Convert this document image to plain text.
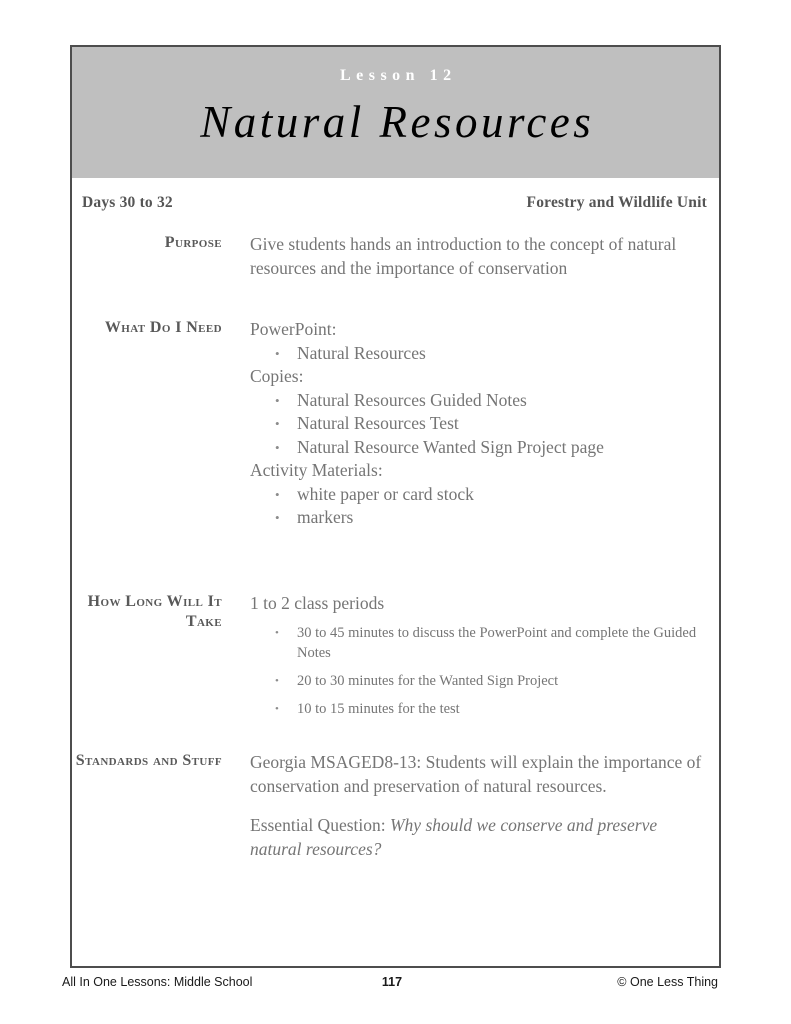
Lesson 12
Natural Resources
Days 30 to 32	Forestry and Wildlife Unit
Purpose	Give students hands an introduction to the concept of natural resources and the importance of conservation

What Do I Need	PowerPoint:

• Natural Resources

Copies:

• Natural Resources Guided Notes
• Natural Resources Test
• Natural Resource Wanted Sign Project page

Activity Materials:

• white paper or card stock
• markers
How Long Will It Take

1 to 2 class periods

• 30 to 45 minutes to discuss the PowerPoint and complete the Guided Notes
• 20 to 30 minutes for the Wanted Sign Project
• 10 to 15 minutes for the test
Standards and Stuff	Georgia MSAGED8-13: Students will explain the importance of conservation and preservation of natural resources.

Essential Question: Why should we conserve and preserve natural resources?

All In One Lessons: Middle School	117	© One Less Thing
